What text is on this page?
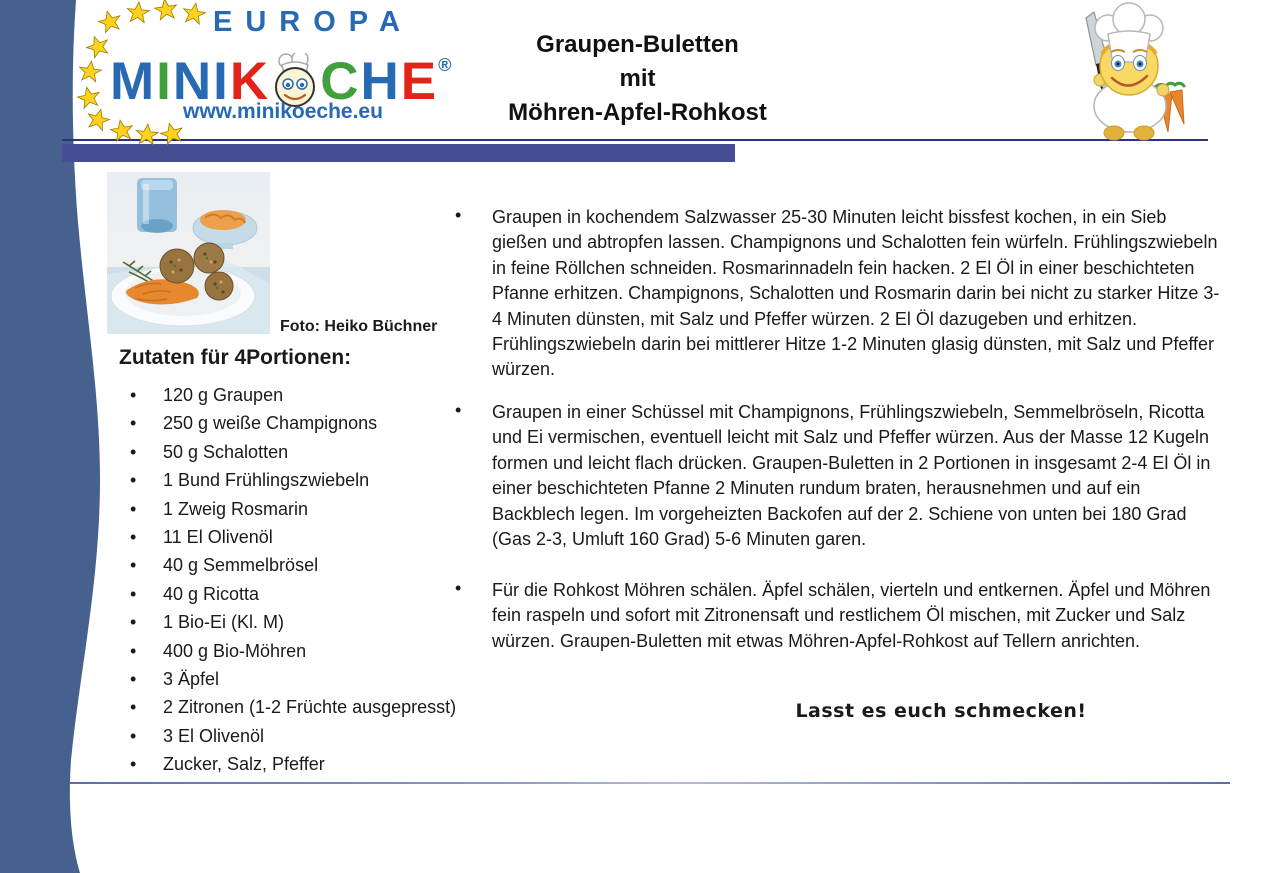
EUROPA
MINIK CHE®
www.minikoeche.eu
Graupen-Buletten
mit
Möhren-Apfel-Rohkost
Foto: Heiko Büchner
Zutaten für 4Portionen:
• 120 g Graupen
• 250 g weiße Champignons
• 50 g Schalotten
• 1 Bund Frühlingszwiebeln
• 1 Zweig Rosmarin
• 11 El Olivenöl
• 40 g Semmelbrösel
• 40 g Ricotta
• 1 Bio-Ei (Kl. M)
• 400 g Bio-Möhren
• 3 Äpfel
• 2 Zitronen (1-2 Früchte ausgepresst)
• 3 El Olivenöl
• Zucker, Salz, Pfeffer

• Graupen in kochendem Salzwasser 25-30 Minuten leicht bissfest kochen, in ein Sieb gießen und abtropfen lassen. Champignons und Schalotten fein würfeln. Frühlingszwiebeln in feine Röllchen schneiden. Rosmarinnadeln fein hacken. 2 El Öl in einer beschichteten Pfanne erhitzen. Champignons, Schalotten und Rosmarin darin bei nicht zu starker Hitze 3-4 Minuten dünsten, mit Salz und Pfeffer würzen. 2 El Öl dazugeben und erhitzen. Frühlingszwiebeln darin bei mittlerer Hitze 1-2 Minuten glasig dünsten, mit Salz und Pfeffer würzen.

• Graupen in einer Schüssel mit Champignons, Frühlingszwiebeln, Semmelbröseln, Ricotta und Ei vermischen, eventuell leicht mit Salz und Pfeffer würzen. Aus der Masse 12 Kugeln formen und leicht flach drücken. Graupen-Buletten in 2 Portionen in insgesamt 2-4 El Öl in einer beschichteten Pfanne 2 Minuten rundum braten, herausnehmen und auf ein Backblech legen. Im vorgeheizten Backofen auf der 2. Schiene von unten bei 180 Grad (Gas 2-3, Umluft 160 Grad) 5-6 Minuten garen.

• Für die Rohkost Möhren schälen. Äpfel schälen, vierteln und entkernen. Äpfel und Möhren fein raspeln und sofort mit Zitronensaft und restlichem Öl mischen, mit Zucker und Salz würzen. Graupen-Buletten mit etwas Möhren-Apfel-Rohkost auf Tellern anrichten.

Lasst es euch schmecken!
